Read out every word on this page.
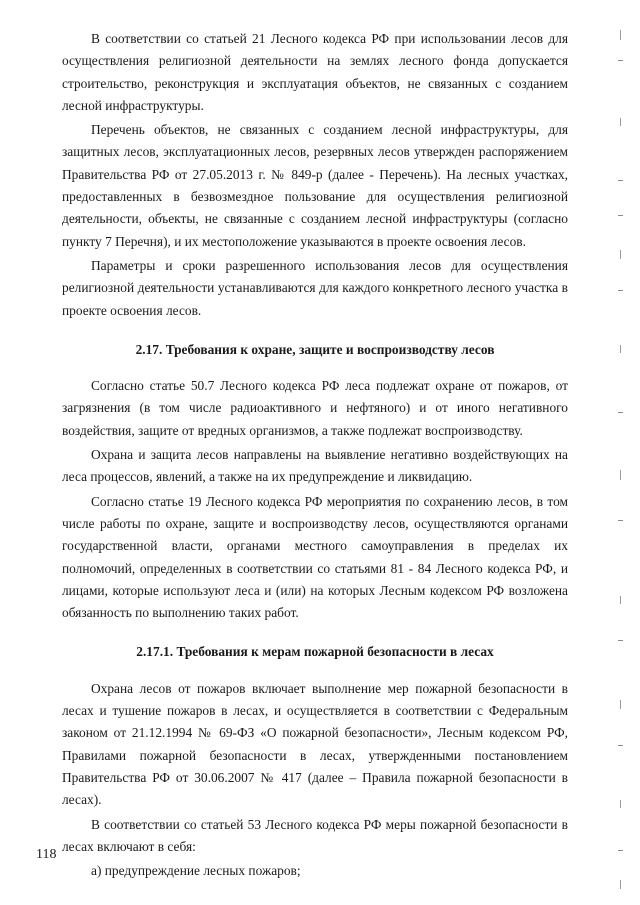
В соответствии со статьей 21 Лесного кодекса РФ при использовании лесов для осуществления религиозной деятельности на землях лесного фонда допускается строительство, реконструкция и эксплуатация объектов, не связанных с созданием лесной инфраструктуры.

Перечень объектов, не связанных с созданием лесной инфраструктуры, для защитных лесов, эксплуатационных лесов, резервных лесов утвержден распоряжением Правительства РФ от 27.05.2013 г. № 849-р (далее - Перечень). На лесных участках, предоставленных в безвозмездное пользование для осуществления религиозной деятельности, объекты, не связанные с созданием лесной инфраструктуры (согласно пункту 7 Перечня), и их местоположение указываются в проекте освоения лесов.

Параметры и сроки разрешенного использования лесов для осуществления религиозной деятельности устанавливаются для каждого конкретного лесного участка в проекте освоения лесов.

2.17. Требования к охране, защите и воспроизводству лесов

Согласно статье 50.7 Лесного кодекса РФ леса подлежат охране от пожаров, от загрязнения (в том числе радиоактивного и нефтяного) и от иного негативного воздействия, защите от вредных организмов, а также подлежат воспроизводству.

Охрана и защита лесов направлены на выявление негативно воздействующих на леса процессов, явлений, а также на их предупреждение и ликвидацию.

Согласно статье 19 Лесного кодекса РФ мероприятия по сохранению лесов, в том числе работы по охране, защите и воспроизводству лесов, осуществляются органами государственной власти, органами местного самоуправления в пределах их полномочий, определенных в соответствии со статьями 81 - 84 Лесного кодекса РФ, и лицами, которые используют леса и (или) на которых Лесным кодексом РФ возложена обязанность по выполнению таких работ.

2.17.1. Требования к мерам пожарной безопасности в лесах

Охрана лесов от пожаров включает выполнение мер пожарной безопасности в лесах и тушение пожаров в лесах, и осуществляется в соответствии с Федеральным законом от 21.12.1994 № 69-ФЗ «О пожарной безопасности», Лесным кодексом РФ, Правилами пожарной безопасности в лесах, утвержденными постановлением Правительства РФ от 30.06.2007 № 417 (далее – Правила пожарной безопасности в лесах).

В соответствии со статьей 53 Лесного кодекса РФ меры пожарной безопасности в лесах включают в себя:

а) предупреждение лесных пожаров;

118
